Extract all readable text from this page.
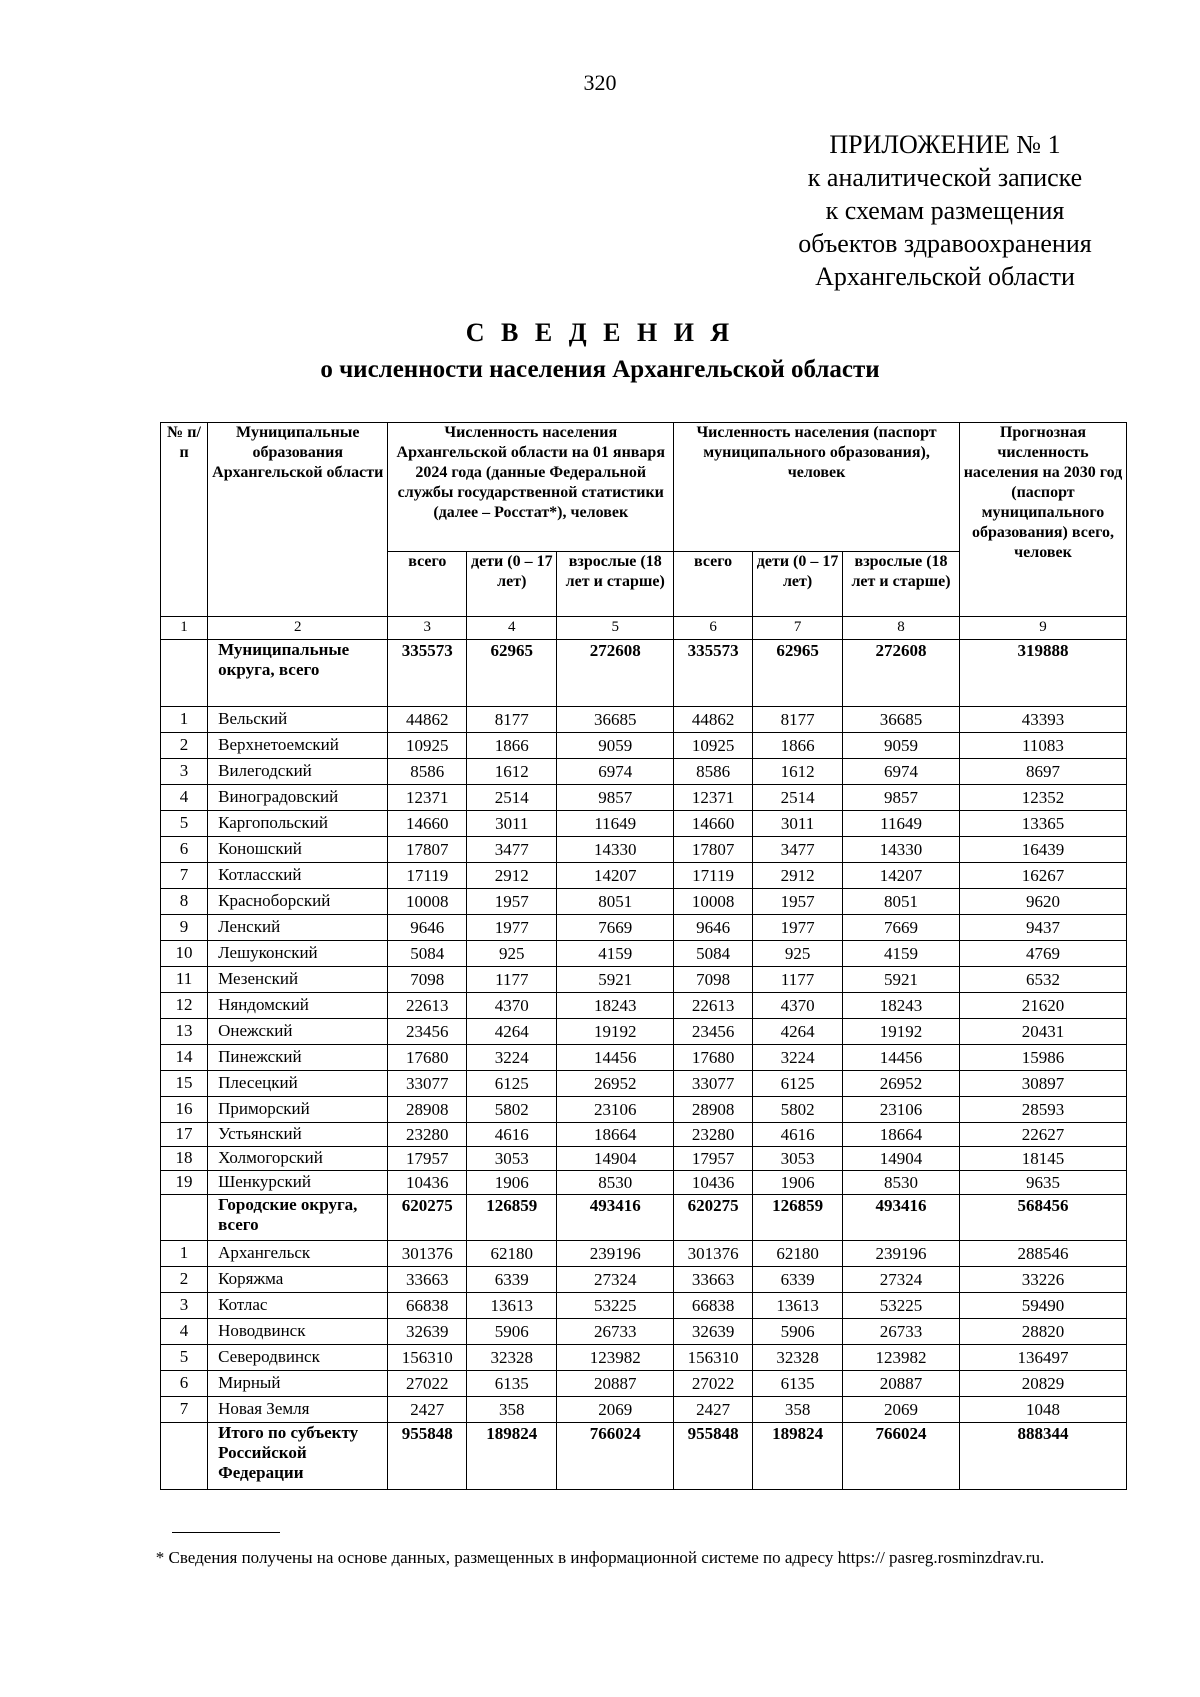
320
ПРИЛОЖЕНИЕ № 1
к аналитической записке
к схемам размещения
объектов здравоохранения
Архангельской области
С В Е Д Е Н И Я
о численности населения Архангельской области
№ п/п	Муниципальные образования Архангельской области	Численность населения Архангельской области на 01 января 2024 года (данные Федеральной службы государственной статистики (далее – Росстат*), человек			Численность населения (паспорт муниципального образования), человек			Прогнозная численность населения на 2030 год (паспорт муниципального образования) всего, человек
		всего	дети (0 – 17 лет)	взрослые (18 лет и старше)	всего	дети (0 – 17 лет)	взрослые (18 лет и старше)	
1	2	3	4	5	6	7	8	9
	Муниципальные округа, всего	335573	62965	272608	335573	62965	272608	319888
1	Вельский	44862	8177	36685	44862	8177	36685	43393
2	Верхнетоемский	10925	1866	9059	10925	1866	9059	11083
3	Вилегодский	8586	1612	6974	8586	1612	6974	8697
4	Виноградовский	12371	2514	9857	12371	2514	9857	12352
5	Каргопольский	14660	3011	11649	14660	3011	11649	13365
6	Коношский	17807	3477	14330	17807	3477	14330	16439
7	Котласский	17119	2912	14207	17119	2912	14207	16267
8	Красноборский	10008	1957	8051	10008	1957	8051	9620
9	Ленский	9646	1977	7669	9646	1977	7669	9437
10	Лешуконский	5084	925	4159	5084	925	4159	4769
11	Мезенский	7098	1177	5921	7098	1177	5921	6532
12	Няндомский	22613	4370	18243	22613	4370	18243	21620
13	Онежский	23456	4264	19192	23456	4264	19192	20431
14	Пинежский	17680	3224	14456	17680	3224	14456	15986
15	Плесецкий	33077	6125	26952	33077	6125	26952	30897
16	Приморский	28908	5802	23106	28908	5802	23106	28593
17	Устьянский	23280	4616	18664	23280	4616	18664	22627
18	Холмогорский	17957	3053	14904	17957	3053	14904	18145
19	Шенкурский	10436	1906	8530	10436	1906	8530	9635
	Городские округа, всего	620275	126859	493416	620275	126859	493416	568456
1	Архангельск	301376	62180	239196	301376	62180	239196	288546
2	Коряжма	33663	6339	27324	33663	6339	27324	33226
3	Котлас	66838	13613	53225	66838	13613	53225	59490
4	Новодвинск	32639	5906	26733	32639	5906	26733	28820
5	Северодвинск	156310	32328	123982	156310	32328	123982	136497
6	Мирный	27022	6135	20887	27022	6135	20887	20829
7	Новая Земля	2427	358	2069	2427	358	2069	1048
	Итого по субъекту Российской Федерации	955848	189824	766024	955848	189824	766024	888344
* Сведения получены на основе данных, размещенных в информационной системе по адресу https:// pasreg.rosminzdrav.ru.
